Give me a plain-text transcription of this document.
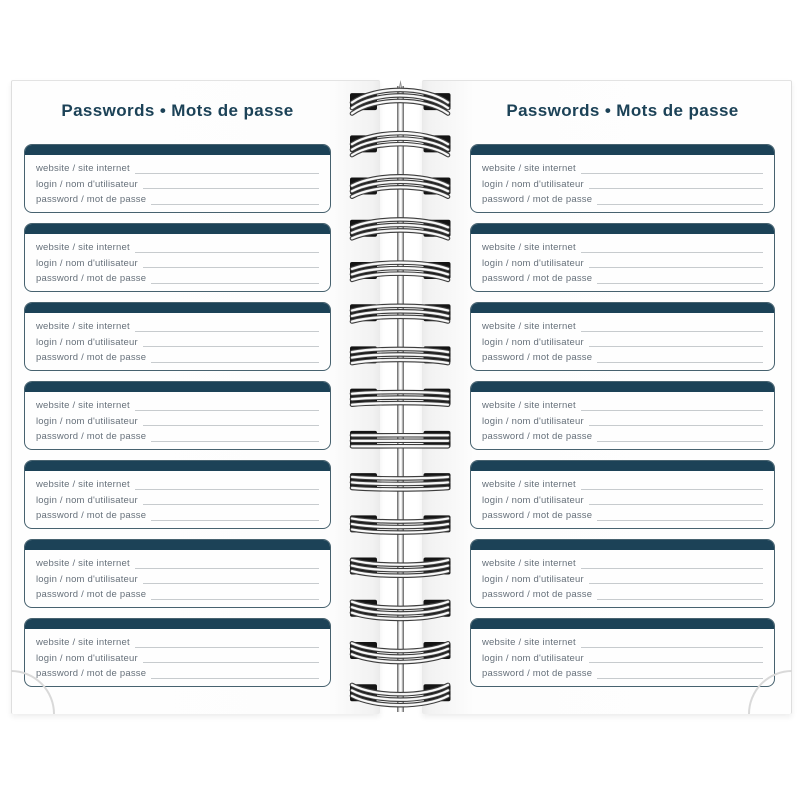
Passwords • Mots de passe
website / site internet
login / nom d'utilisateur
password / mot de passe
website / site internet
login / nom d'utilisateur
password / mot de passe
website / site internet
login / nom d'utilisateur
password / mot de passe
website / site internet
login / nom d'utilisateur
password / mot de passe
website / site internet
login / nom d'utilisateur
password / mot de passe
website / site internet
login / nom d'utilisateur
password / mot de passe
website / site internet
login / nom d'utilisateur
password / mot de passe
Passwords • Mots de passe
website / site internet
login / nom d'utilisateur
password / mot de passe
website / site internet
login / nom d'utilisateur
password / mot de passe
website / site internet
login / nom d'utilisateur
password / mot de passe
website / site internet
login / nom d'utilisateur
password / mot de passe
website / site internet
login / nom d'utilisateur
password / mot de passe
website / site internet
login / nom d'utilisateur
password / mot de passe
website / site internet
login / nom d'utilisateur
password / mot de passe
